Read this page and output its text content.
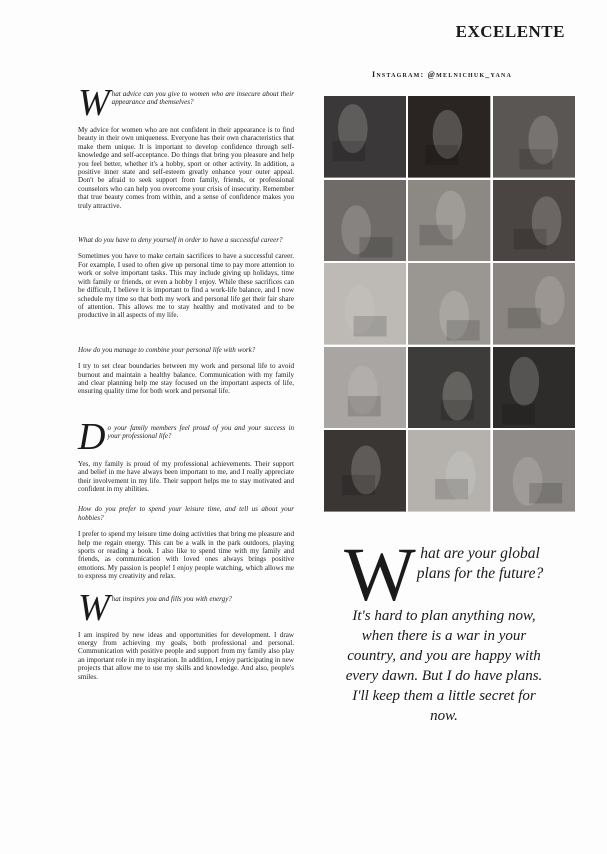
EXCELENTE
Instagram: @melnichuk_yana
W hat advice can you give to women who are insecure about their appearance and themselves?

My advice for women who are not confident in their appearance is to find beauty in their own uniqueness. Everyone has their own characteristics that make them unique. It is important to develop confidence through self-knowledge and self-acceptance. Do things that bring you pleasure and help you feel better, whether it's a hobby, sport or other activity. In addition, a positive inner state and self-esteem greatly enhance your outer appeal. Don't be afraid to seek support from family, friends, or professional counselors who can help you overcome your crisis of insecurity. Remember that true beauty comes from within, and a sense of confidence makes you truly attractive.

What do you have to deny yourself in order to have a successful career?

Sometimes you have to make certain sacrifices to have a successful career. For example, I used to often give up personal time to pay more attention to work or solve important tasks. This may include giving up holidays, time with family or friends, or even a hobby I enjoy. While these sacrifices can be difficult, I believe it is important to find a work-life balance, and I now schedule my time so that both my work and personal life get their fair share of attention. This allows me to stay healthy and motivated and to be productive in all aspects of my life.

How do you manage to combine your personal life with work?

I try to set clear boundaries between my work and personal life to avoid burnout and maintain a healthy balance. Communication with my family and clear planning help me stay focused on the important aspects of life, ensuring quality time for both work and personal life.

D o your family members feel proud of you and your success in your professional life?

Yes, my family is proud of my professional achievements. Their support and belief in me have always been important to me, and I really appreciate their involvement in my life. Their support helps me to stay motivated and confident in my abilities.

How do you prefer to spend your leisure time, and tell us about your hobbies?

I prefer to spend my leisure time doing activities that bring me pleasure and help me regain energy. This can be a walk in the park outdoors, playing sports or reading a book. I also like to spend time with my family and friends, as communication with loved ones always brings positive emotions. My passion is people! I enjoy people watching, which allows me to express my creativity and relax.

W hat inspires you and fills you with energy?

I am inspired by new ideas and opportunities for development. I draw energy from achieving my goals, both professional and personal. Communication with positive people and support from my family also play an important role in my inspiration. In addition, I enjoy participating in new projects that allow me to use my skills and knowledge. And also, people's smiles.

W hat are your global plans for the future?
It's hard to plan anything now, when there is a war in your country, and you are happy with every dawn. But I do have plans. I'll keep them a little secret for now.
